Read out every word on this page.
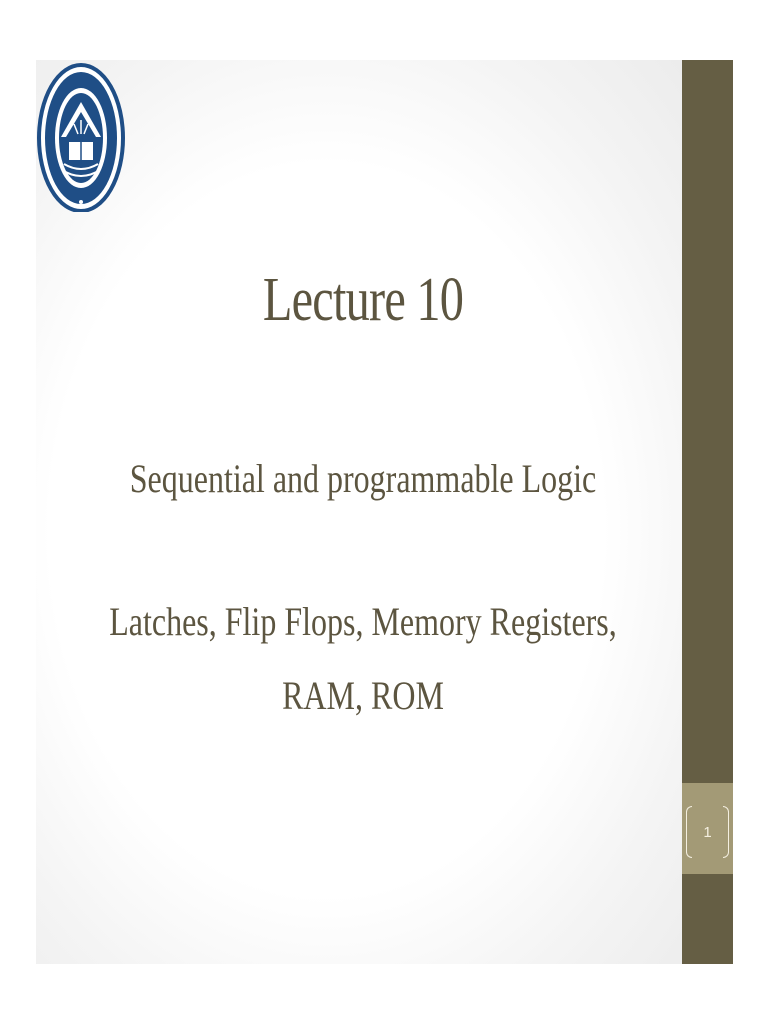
Lecture 10
Sequential and programmable Logic
Latches, Flip Flops, Memory Registers,
RAM, ROM
1
